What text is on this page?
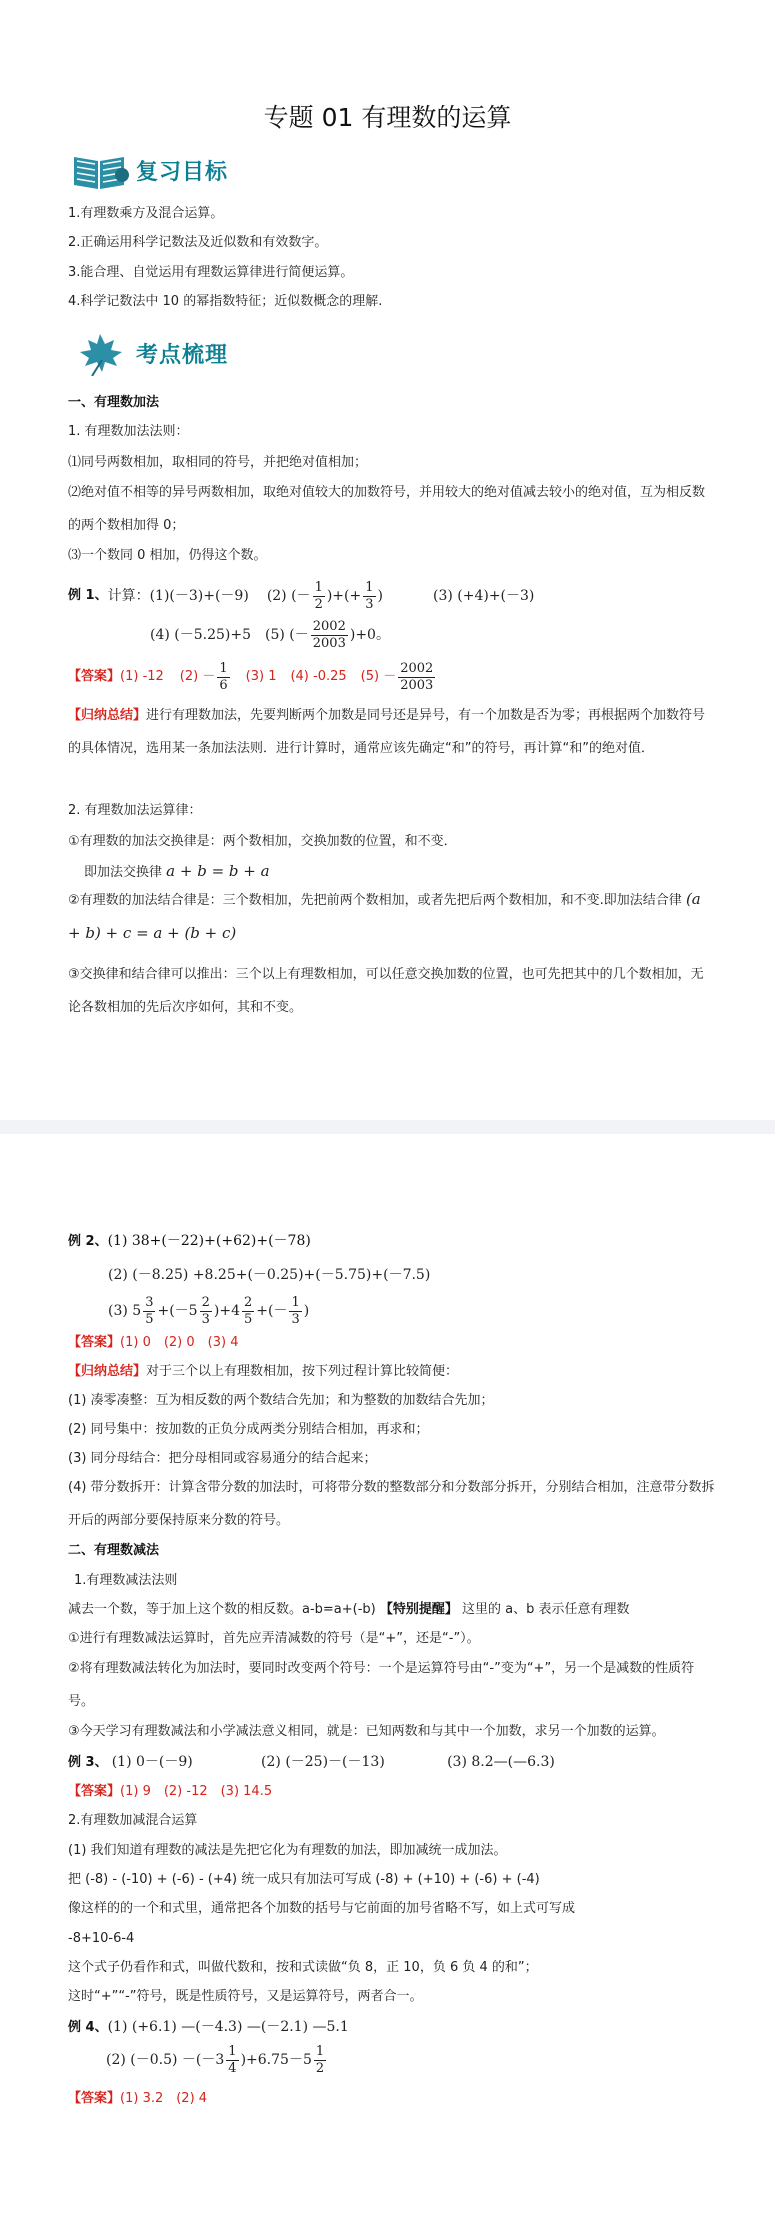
专题 01 有理数的运算
复习目标
1.有理数乘方及混合运算。
2.正确运用科学记数法及近似数和有效数字。
3.能合理、自觉运用有理数运算律进行简便运算。
4.科学记数法中 10 的幂指数特征；近似数概念的理解.
考点梳理
一、有理数加法
1. 有理数加法法则：
⑴同号两数相加，取相同的符号，并把绝对值相加；
⑵绝对值不相等的异号两数相加，取绝对值较大的加数符号，并用较大的绝对值减去较小的绝对值，互为相反数的两个数相加得 0；
⑶一个数同 0 相加，仍得这个数。
例 1、 计算：(1)(－3)+(－9) (2) (－ $\frac{1}{2}$ )+(+ $\frac{1}{3}$ )	(3) (+4)+(－3)
(4) (－5.25)+5 (5) (－ $\frac{2002}{2003} )+0$。
【答案】 (1) -12 $(2) - \frac{1}{6} (3)$ 1 (4) -0.25 $(5) - \frac{2002}{2003}$
【归纳总结】进行有理数加法，先要判断两个加数是同号还是异号，有一个加数是否为零；再根据两个加数符号的具体情况，选用某一条加法法则．进行计算时，通常应该先确定“和”的符号，再计算“和”的绝对值．
2. 有理数加法运算律：
①有理数的加法交换律是：两个数相加，交换加数的位置，和不变．
即加法交换律 a + b = b + a
②有理数的加法结合律是：三个数相加，先把前两个数相加，或者先把后两个数相加，和不变.即加法结合律 (a + b) + c = a + (b + c)
③交换律和结合律可以推出：三个以上有理数相加，可以任意交换加数的位置，也可先把其中的几个数相加，无论各数相加的先后次序如何，其和不变。
例 2、(1) 38+(－22)+(+62)+(－78)
(2) (－8.25) +8.25+(－0.25)+(－5.75)+(－7.5)
(3) $5 \frac{3}{5} +(-5 \frac{2}{3} )+4 \frac{2}{5}$ +(－ $\frac{1}{3}$ )
【答案】(1) 0　(2) 0　(3) 4
【归纳总结】对于三个以上有理数相加，按下列过程计算比较简便：
(1) 凑零凑整：互为相反数的两个数结合先加；和为整数的加数结合先加；
(2) 同号集中：按加数的正负分成两类分别结合相加，再求和；
(3) 同分母结合：把分母相同或容易通分的结合起来；
(4) 带分数拆开：计算含带分数的加法时，可将带分数的整数部分和分数部分拆开，分别结合相加，注意带分数拆开后的两部分要保持原来分数的符号。
二、有理数减法
1.有理数减法法则
减去一个数，等于加上这个数的相反数。a-b=a+(-b) 【特别提醒】 这里的 a、b 表示任意有理数
①进行有理数减法运算时，首先应弄清减数的符号（是“+”，还是“-”）。
②将有理数减法转化为加法时，要同时改变两个符号：一个是运算符号由“-”变为“+”，另一个是减数的性质符号。
③今天学习有理数减法和小学减法意义相同，就是：已知两数和与其中一个加数，求另一个加数的运算。
例 3、 (1) 0－(－9)	(2) (－25)－(－13)	(3) 8.2—(—6.3)
【答案】(1) 9　(2) -12　(3) 14.5
2.有理数加减混合运算
(1) 我们知道有理数的减法是先把它化为有理数的加法，即加减统一成加法。
把 (-8) - (-10) + (-6) - (+4) 统一成只有加法可写成 (-8) + (+10) + (-6) + (-4)
像这样的的一个和式里，通常把各个加数的括号与它前面的加号省略不写，如上式可写成
-8+10-6-4
这个式子仍看作和式，叫做代数和，按和式读做“负 8，正 10，负 6 负 4 的和”；
这时“+”“-”符号，既是性质符号，又是运算符号，两者合一。
例 4、(1) (+6.1) —(－4.3) —(－2.1) —5.1
(2) $(-0.5) -(-3 \frac{1}{4} )+6.75-5 \frac{1}{2}$
【答案】(1) 3.2　(2) 4
